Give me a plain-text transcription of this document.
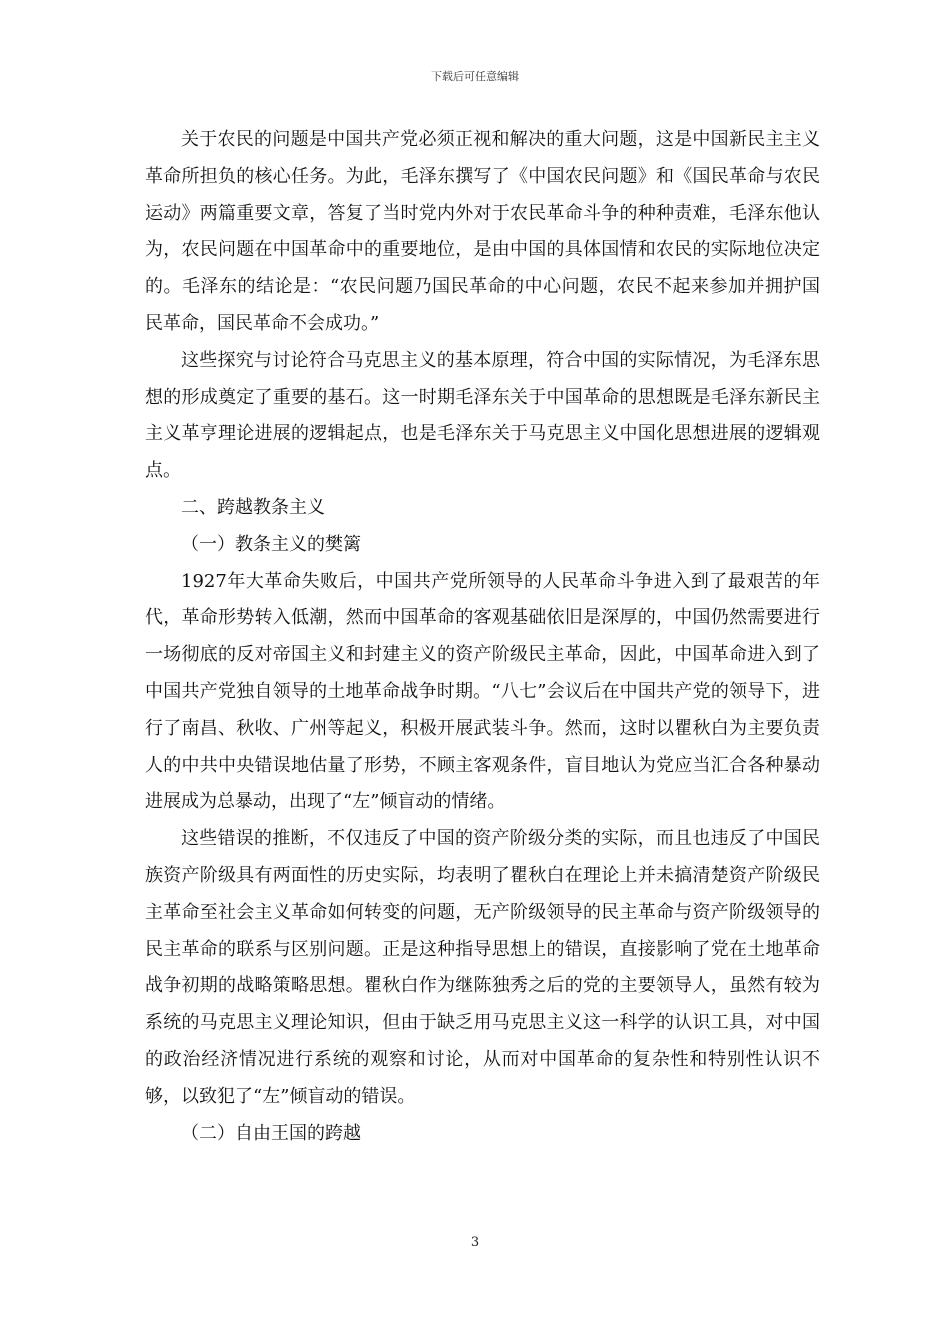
下载后可任意编辑

关于农民的问题是中国共产党必须正视和解决的重大问题，这是中国新民主主义革命所担负的核心任务。为此，毛泽东撰写了《中国农民问题》和《国民革命与农民运动》两篇重要文章，答复了当时党内外对于农民革命斗争的种种责难，毛泽东他认为，农民问题在中国革命中的重要地位，是由中国的具体国情和农民的实际地位决定的。毛泽东的结论是：“农民问题乃国民革命的中心问题，农民不起来参加并拥护国民革命，国民革命不会成功。”

这些探究与讨论符合马克思主义的基本原理，符合中国的实际情况，为毛泽东思想的形成奠定了重要的基石。这一时期毛泽东关于中国革命的思想既是毛泽东新民主主义革亨理论进展的逻辑起点，也是毛泽东关于马克思主义中国化思想进展的逻辑观点。

二、跨越教条主义

（一）教条主义的樊篱

1927年大革命失败后，中国共产党所领导的人民革命斗争进入到了最艰苦的年代，革命形势转入低潮，然而中国革命的客观基础依旧是深厚的，中国仍然需要进行一场彻底的反对帝国主义和封建主义的资产阶级民主革命，因此，中国革命进入到了中国共产党独自领导的土地革命战争时期。“八七”会议后在中国共产党的领导下，进行了南昌、秋收、广州等起义，积极开展武装斗争。然而，这时以瞿秋白为主要负责人的中共中央错误地估量了形势，不顾主客观条件，盲目地认为党应当汇合各种暴动进展成为总暴动，出现了“左”倾盲动的情绪。

这些错误的推断，不仅违反了中国的资产阶级分类的实际，而且也违反了中国民族资产阶级具有两面性的历史实际，均表明了瞿秋白在理论上并未搞清楚资产阶级民主革命至社会主义革命如何转变的问题，无产阶级领导的民主革命与资产阶级领导的民主革命的联系与区别问题。正是这种指导思想上的错误，直接影响了党在土地革命战争初期的战略策略思想。瞿秋白作为继陈独秀之后的党的主要领导人，虽然有较为系统的马克思主义理论知识，但由于缺乏用马克思主义这一科学的认识工具，对中国的政治经济情况进行系统的观察和讨论，从而对中国革命的复杂性和特别性认识不够，以致犯了“左”倾盲动的错误。

（二）自由王国的跨越

3
